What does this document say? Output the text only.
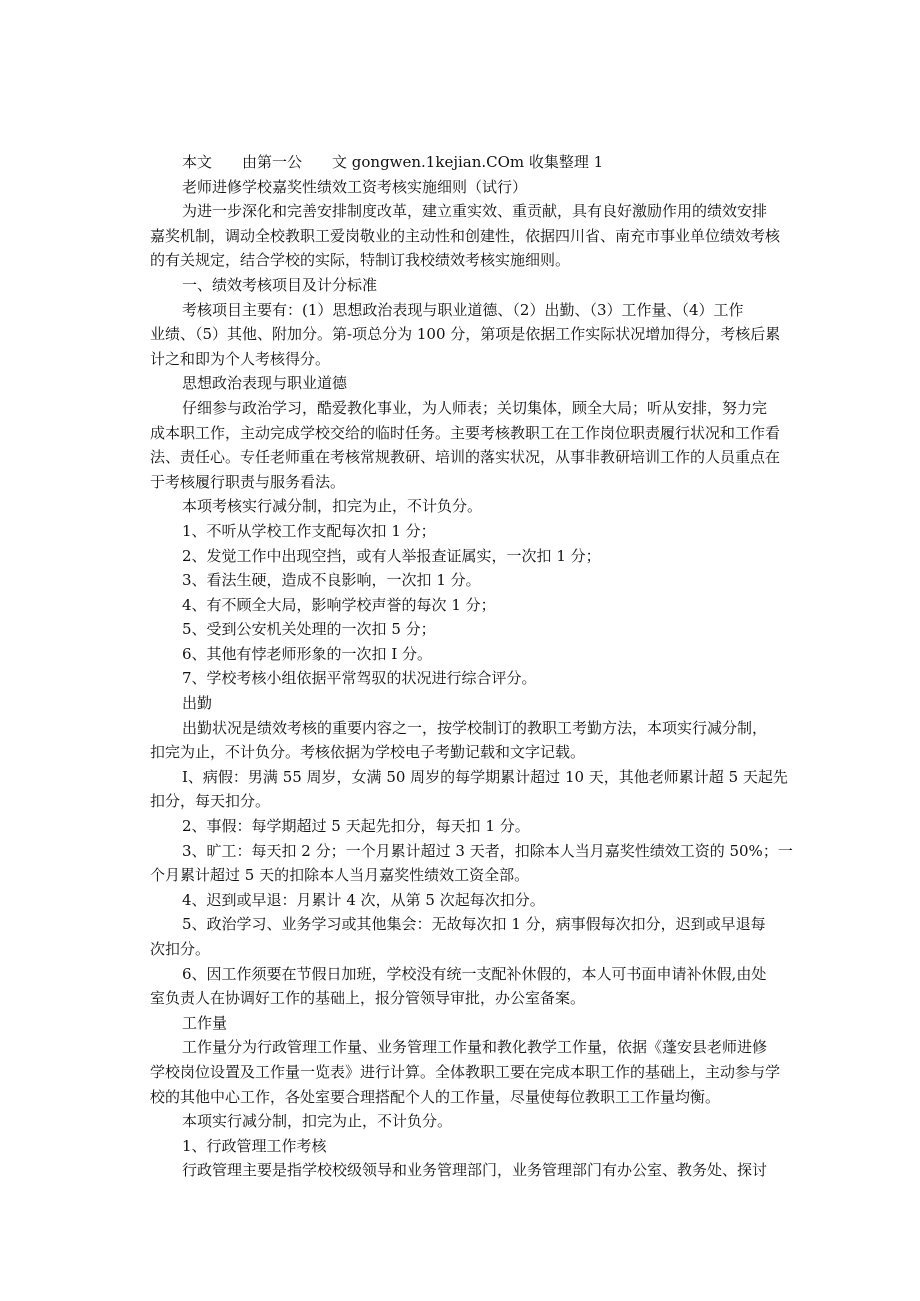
本文　　由第一公　　文 gongwen.1kejian.COm 收集整理 1
老师进修学校嘉奖性绩效工资考核实施细则（试行）
为进一步深化和完善安排制度改革，建立重实效、重贡献，具有良好激励作用的绩效安排
嘉奖机制，调动全校教职工爱岗敬业的主动性和创建性，依据四川省、南充市事业单位绩效考核
的有关规定，结合学校的实际，特制订我校绩效考核实施细则。
一、绩效考核项目及计分标准
考核项目主要有：(1）思想政治表现与职业道德、（2）出勤、（3）工作量、（4）工作
业绩、（5）其他、附加分。第-项总分为 100 分，第项是依据工作实际状况增加得分，考核后累
计之和即为个人考核得分。
思想政治表现与职业道德
仔细参与政治学习，酷爱教化事业，为人师表；关切集体，顾全大局；听从安排，努力完
成本职工作，主动完成学校交给的临时任务。主要考核教职工在工作岗位职责履行状况和工作看
法、责任心。专任老师重在考核常规教研、培训的落实状况，从事非教研培训工作的人员重点在
于考核履行职责与服务看法。
本项考核实行减分制，扣完为止，不计负分。
1、不听从学校工作支配每次扣 1 分；
2、发觉工作中出现空挡，或有人举报查证属实，一次扣 1 分；
3、看法生硬，造成不良影响，一次扣 1 分。
4、有不顾全大局，影响学校声誉的每次 1 分；
5、受到公安机关处理的一次扣 5 分；
6、其他有悖老师形象的一次扣 I 分。
7、学校考核小组依据平常驾驭的状况进行综合评分。
出勤
出勤状况是绩效考核的重要内容之一，按学校制订的教职工考勤方法，本项实行减分制，
扣完为止，不计负分。考核依据为学校电子考勤记载和文字记载。
I、病假：男满 55 周岁，女满 50 周岁的每学期累计超过 10 天，其他老师累计超 5 天起先
扣分，每天扣分。
2、事假：每学期超过 5 天起先扣分，每天扣 1 分。
3、旷工：每天扣 2 分；一个月累计超过 3 天者，扣除本人当月嘉奖性绩效工资的 50%；一
个月累计超过 5 天的扣除本人当月嘉奖性绩效工资全部。
4、迟到或早退：月累计 4 次，从第 5 次起每次扣分。
5、政治学习、业务学习或其他集会：无故每次扣 1 分，病事假每次扣分，迟到或早退每
次扣分。
6、因工作须要在节假日加班，学校没有统一支配补休假的，本人可书面申请补休假,由处
室负责人在协调好工作的基础上，报分管领导审批，办公室备案。
工作量
工作量分为行政管理工作量、业务管理工作量和教化教学工作量，依据《蓬安县老师进修
学校岗位设置及工作量一览表》进行计算。全体教职工要在完成本职工作的基础上，主动参与学
校的其他中心工作，各处室要合理搭配个人的工作量，尽量使每位教职工工作量均衡。
本项实行减分制，扣完为止，不计负分。
1、行政管理工作考核
行政管理主要是指学校校级领导和业务管理部门，业务管理部门有办公室、教务处、探讨
